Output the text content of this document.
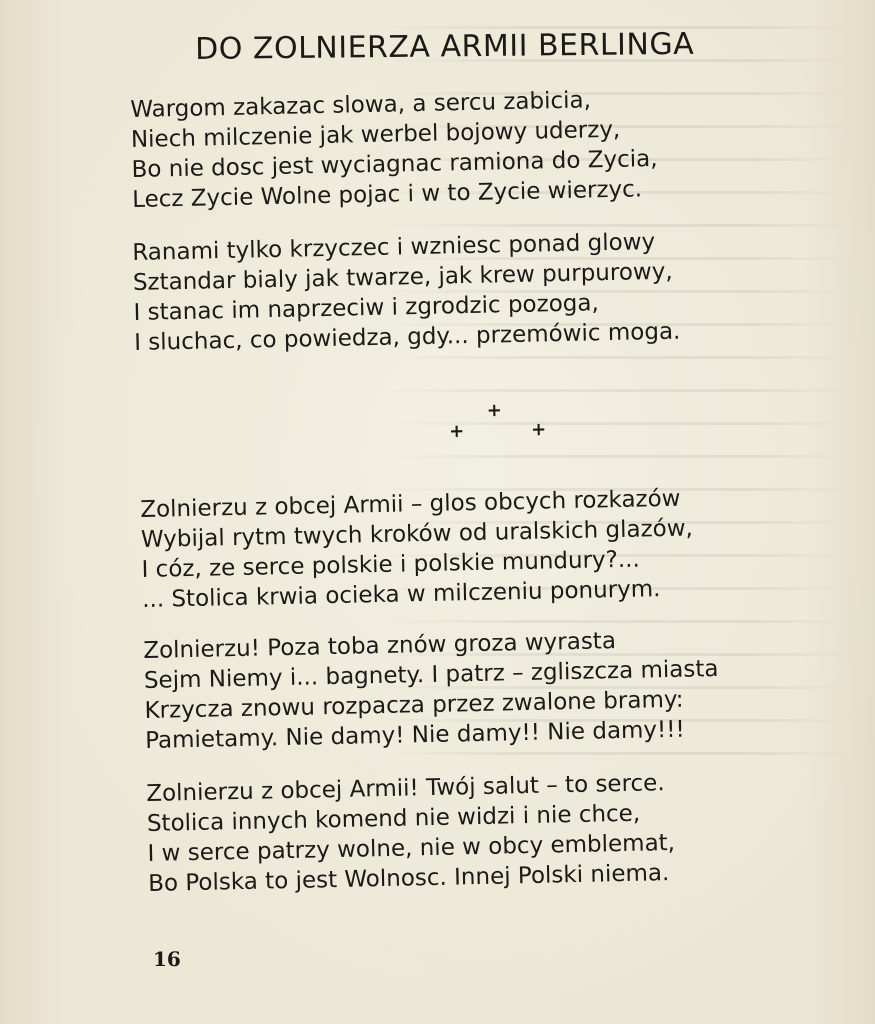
DO ZOLNIERZA ARMII BERLINGA
Wargom zakazac slowa, a sercu zabicia,
Niech milczenie jak werbel bojowy uderzy,
Bo nie dosc jest wyciagnac ramiona do Zycia,
Lecz Zycie Wolne pojac i w to Zycie wierzyc.
Ranami tylko krzyczec i wzniesc ponad glowy
Sztandar bialy jak twarze, jak krew purpurowy,
I stanac im naprzeciw i zgrodzic pozoga,
I sluchac, co powiedza, gdy... przemówic moga.
+
+	+
Zolnierzu z obcej Armii – glos obcych rozkazów
Wybijal rytm twych kroków od uralskich glazów,
I cóz, ze serce polskie i polskie mundury?...
... Stolica krwia ocieka w milczeniu ponurym.
Zolnierzu! Poza toba znów groza wyrasta
Sejm Niemy i... bagnety. I patrz – zgliszcza miasta
Krzycza znowu rozpacza przez zwalone bramy:
Pamietamy. Nie damy! Nie damy!! Nie damy!!!
Zolnierzu z obcej Armii! Twój salut – to serce.
Stolica innych komend nie widzi i nie chce,
I w serce patrzy wolne, nie w obcy emblemat,
Bo Polska to jest Wolnosc. Innej Polski niema.
16
